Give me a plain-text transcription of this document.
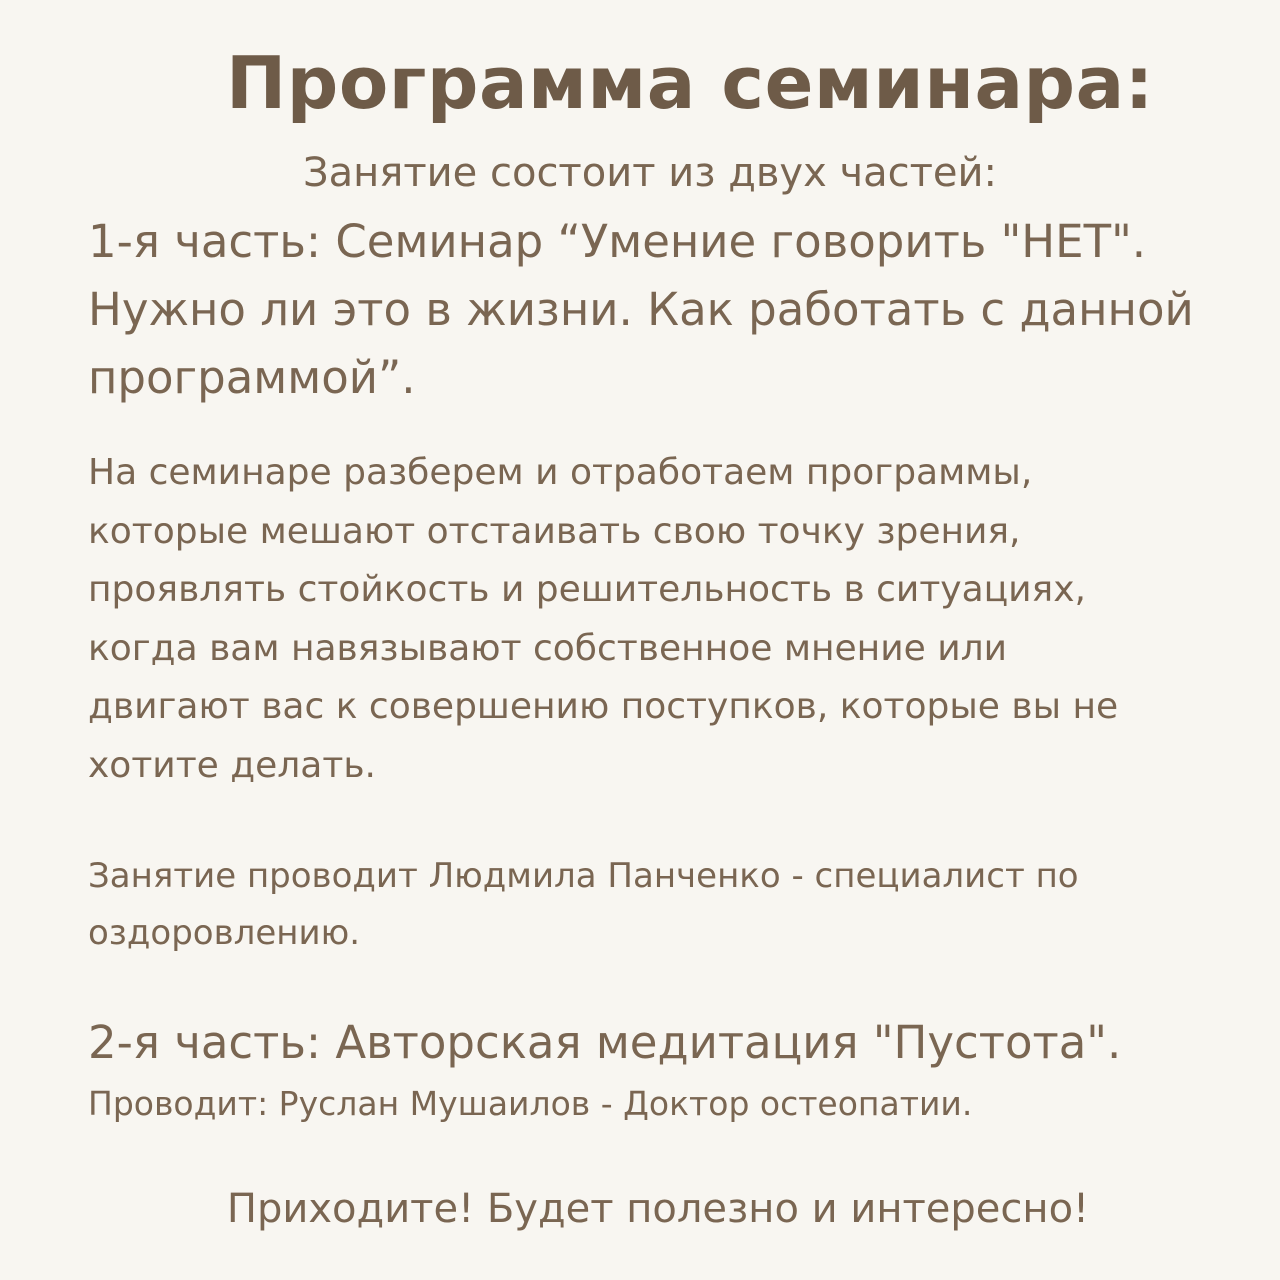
Программа семинара:
Занятие состоит из двух частей:
1-я часть: Семинар “Умение говорить "НЕТ".
Нужно ли это в жизни. Как работать с данной
программой”.
На семинаре разберем и отработаем программы,
которые мешают отстаивать свою точку зрения,
проявлять стойкость и решительность в ситуациях,
когда вам навязывают собственное мнение или
двигают вас к совершению поступков, которые вы не
хотите делать.
Занятие проводит Людмила Панченко - специалист по
оздоровлению.
2-я часть: Авторская медитация "Пустота".
Проводит: Руслан Мушаилов - Доктор остеопатии.
Приходите! Будет полезно и интересно!
